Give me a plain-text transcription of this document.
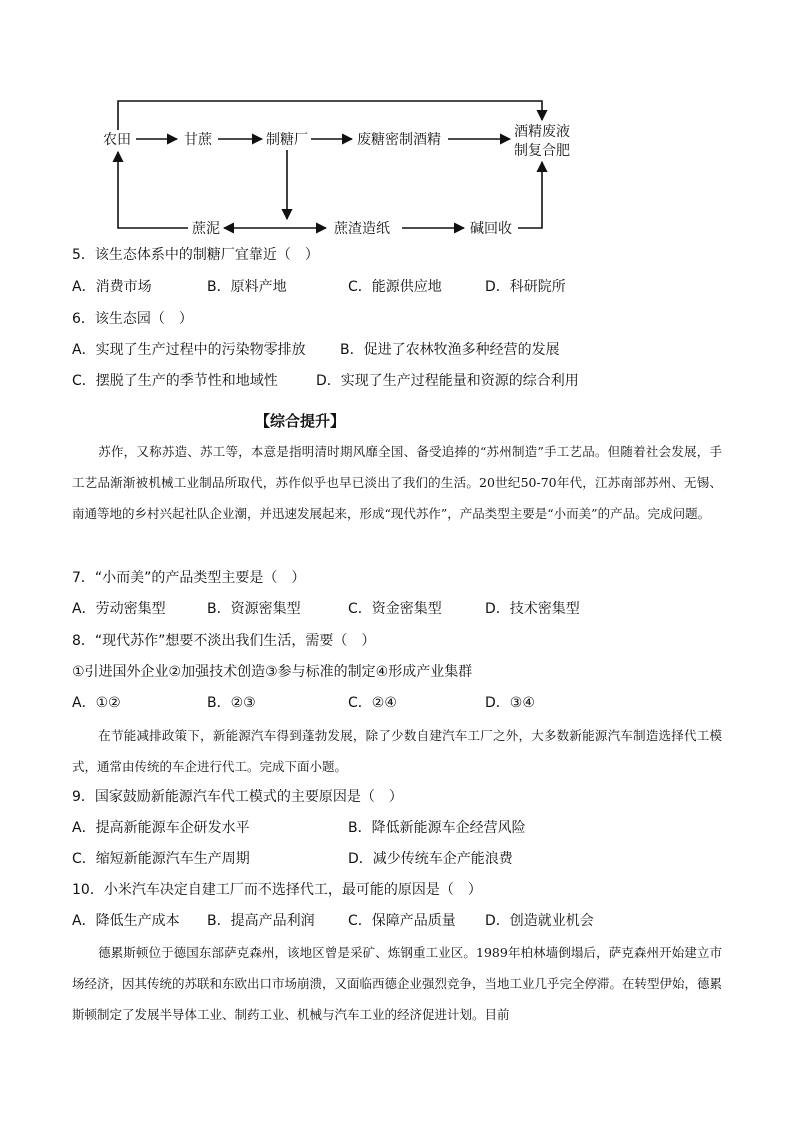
农田	甘蔗	制糖厂	废糖密制酒精	酒精废液
制复合肥
蔗泥	蔗渣造纸	碱回收
5．该生态体系中的制糖厂宜靠近（　）
A．消费市场	B．原料产地	C．能源供应地	D．科研院所
6．该生态园（　）
A．实现了生产过程中的污染物零排放 B．促进了农林牧渔多种经营的发展
C．摆脱了生产的季节性和地域性	D．实现了生产过程能量和资源的综合利用
【综合提升】
苏作，又称苏造、苏工等，本意是指明清时期风靡全国、备受追捧的“苏州制造”手工艺品。但随着社会发展，手工艺品渐渐被机械工业制品所取代，苏作似乎也早已淡出了我们的生活。20世纪50-70年代，江苏南部苏州、无锡、南通等地的乡村兴起社队企业潮，并迅速发展起来，形成“现代苏作”，产品类型主要是“小而美”的产品。完成问题。
7．“小而美”的产品类型主要是（　）
A．劳动密集型	B．资源密集型	C．资金密集型	D．技术密集型
8．“现代苏作”想要不淡出我们生活，需要（　）
①引进国外企业②加强技术创造③参与标准的制定④形成产业集群
A．①②	B．②③	C．②④	D．③④
在节能减排政策下，新能源汽车得到蓬勃发展，除了少数自建汽车工厂之外，大多数新能源汽车制造选择代工模式，通常由传统的车企进行代工。完成下面小题。
9．国家鼓励新能源汽车代工模式的主要原因是（　）
A．提高新能源车企研发水平	B．降低新能源车企经营风险
C．缩短新能源汽车生产周期	D．减少传统车企产能浪费
10．小米汽车决定自建工厂而不选择代工，最可能的原因是（　）
A．降低生产成本 B．提高产品利润 C．保障产品质量 D．创造就业机会
德累斯顿位于德国东部萨克森州，该地区曾是采矿、炼钢重工业区。1989年柏林墙倒塌后，萨克森州开始建立市场经济，因其传统的苏联和东欧出口市场崩溃，又面临西德企业强烈竞争，当地工业几乎完全停滞。在转型伊始，德累斯顿制定了发展半导体工业、制药工业、机械与汽车工业的经济促进计划。目前
